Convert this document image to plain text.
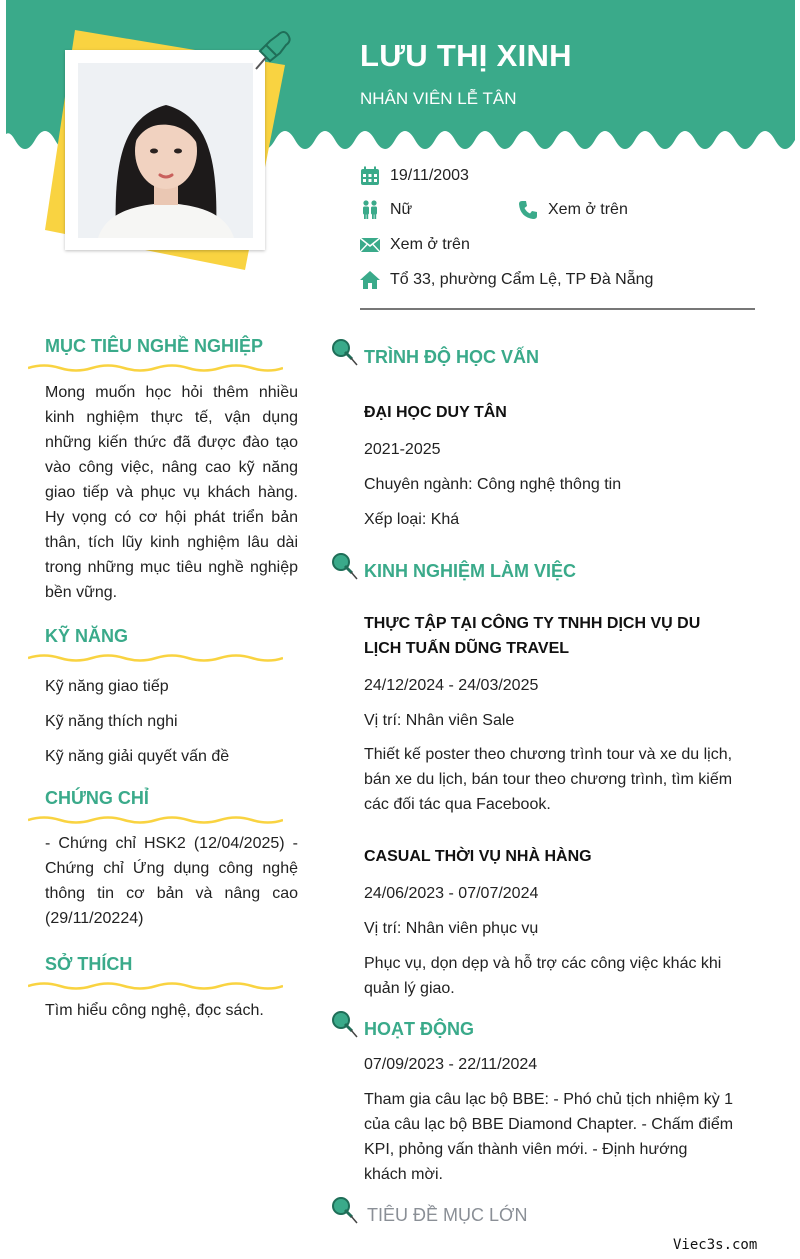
LƯU THỊ XINH
NHÂN VIÊN LỄ TÂN
19/11/2003
Nữ	Xem ở trên
Xem ở trên
Tổ 33, phường Cẩm Lệ, TP Đà Nẵng
MỤC TIÊU NGHỀ NGHIỆP
Mong muốn học hỏi thêm nhiều kinh nghiệm thực tế, vận dụng những kiến thức đã được đào tạo vào công việc, nâng cao kỹ năng giao tiếp và phục vụ khách hàng. Hy vọng có cơ hội phát triển bản thân, tích lũy kinh nghiệm lâu dài trong những mục tiêu nghề nghiệp bền vững.
KỸ NĂNG
Kỹ năng giao tiếp
Kỹ năng thích nghi
Kỹ năng giải quyết vấn đề
CHỨNG CHỈ
- Chứng chỉ HSK2 (12/04/2025) - Chứng chỉ Ứng dụng công nghệ thông tin cơ bản và nâng cao (29/11/20224)
SỞ THÍCH
Tìm hiểu công nghệ, đọc sách.
TRÌNH ĐỘ HỌC VẤN
ĐẠI HỌC DUY TÂN
2021-2025
Chuyên ngành: Công nghệ thông tin
Xếp loại: Khá
KINH NGHIỆM LÀM VIỆC
THỰC TẬP TẠI CÔNG TY TNHH DỊCH VỤ DU LỊCH TUẤN DŨNG TRAVEL
24/12/2024 - 24/03/2025
Vị trí: Nhân viên Sale
Thiết kế poster theo chương trình tour và xe du lịch, bán xe du lịch, bán tour theo chương trình, tìm kiếm các đối tác qua Facebook.
CASUAL THỜI VỤ NHÀ HÀNG
24/06/2023 - 07/07/2024
Vị trí: Nhân viên phục vụ
Phục vụ, dọn dẹp và hỗ trợ các công việc khác khi quản lý giao.
HOẠT ĐỘNG
07/09/2023 - 22/11/2024
Tham gia câu lạc bộ BBE: - Phó chủ tịch nhiệm kỳ 1 của câu lạc bộ BBE Diamond Chapter. - Chấm điểm KPI, phỏng vấn thành viên mới. - Định hướng khách mời.
TIÊU ĐỀ MỤC LỚN
Viec3s.com
